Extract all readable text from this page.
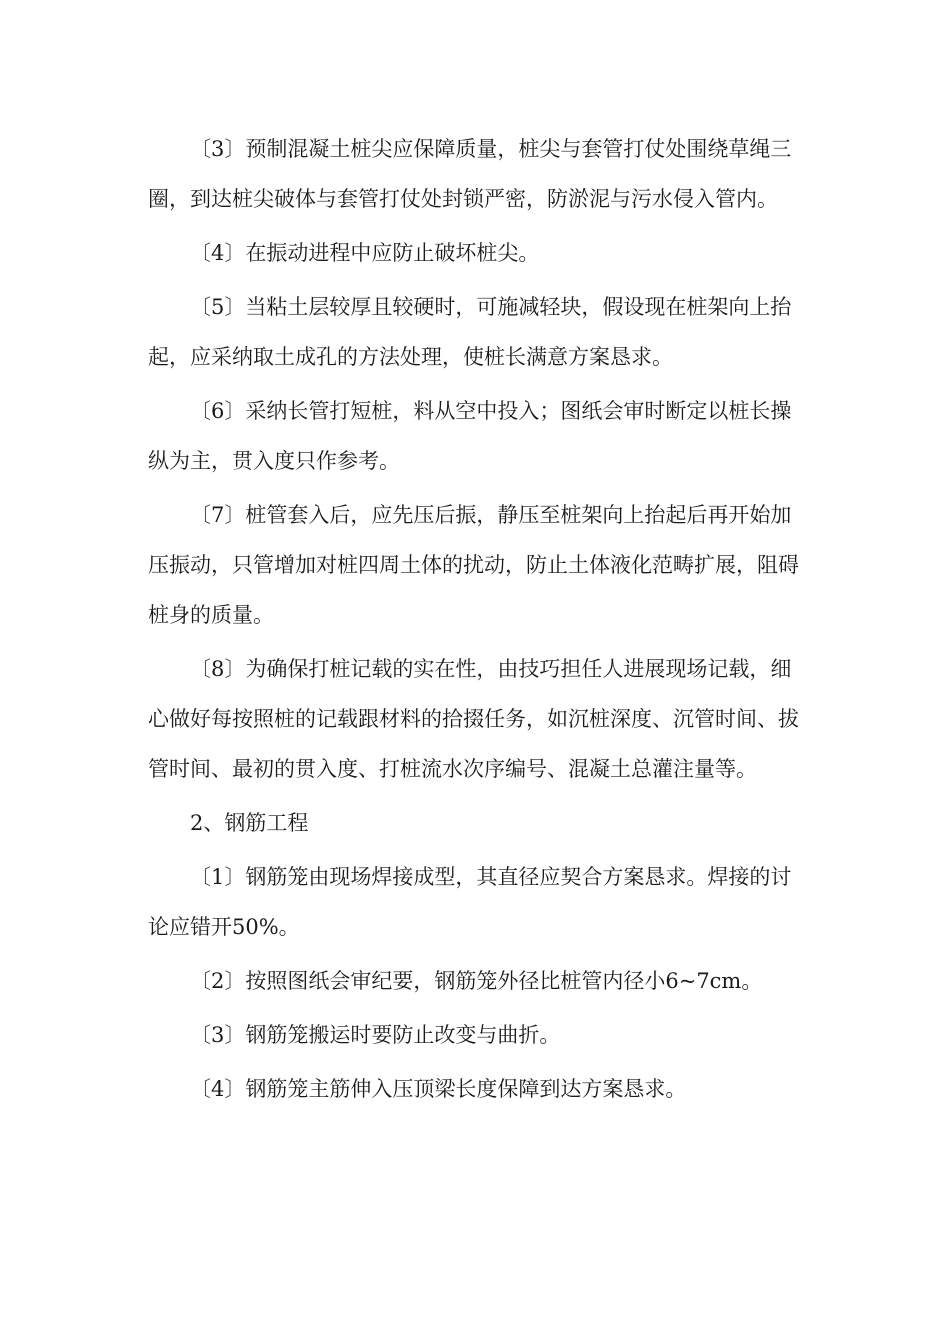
〔3〕预制混凝土桩尖应保障质量，桩尖与套管打仗处围绕草绳三圈，到达桩尖破体与套管打仗处封锁严密，防淤泥与污水侵入管内。

〔4〕在振动进程中应防止破坏桩尖。

〔5〕当粘土层较厚且较硬时，可施减轻块，假设现在桩架向上抬起，应采纳取土成孔的方法处理，使桩长满意方案恳求。

〔6〕采纳长管打短桩，料从空中投入；图纸会审时断定以桩长操纵为主，贯入度只作参考。

〔7〕桩管套入后，应先压后振，静压至桩架向上抬起后再开始加压振动，只管增加对桩四周土体的扰动，防止土体液化范畴扩展，阻碍桩身的质量。

〔8〕为确保打桩记载的实在性，由技巧担任人进展现场记载，细心做好每按照桩的记载跟材料的拾掇任务，如沉桩深度、沉管时间、拔管时间、最初的贯入度、打桩流水次序编号、混凝土总灌注量等。

2、钢筋工程

〔1〕钢筋笼由现场焊接成型，其直径应契合方案恳求。焊接的讨论应错开50%。

〔2〕按照图纸会审纪要，钢筋笼外径比桩管内径小6~7cm。

〔3〕钢筋笼搬运时要防止改变与曲折。

〔4〕钢筋笼主筋伸入压顶梁长度保障到达方案恳求。
